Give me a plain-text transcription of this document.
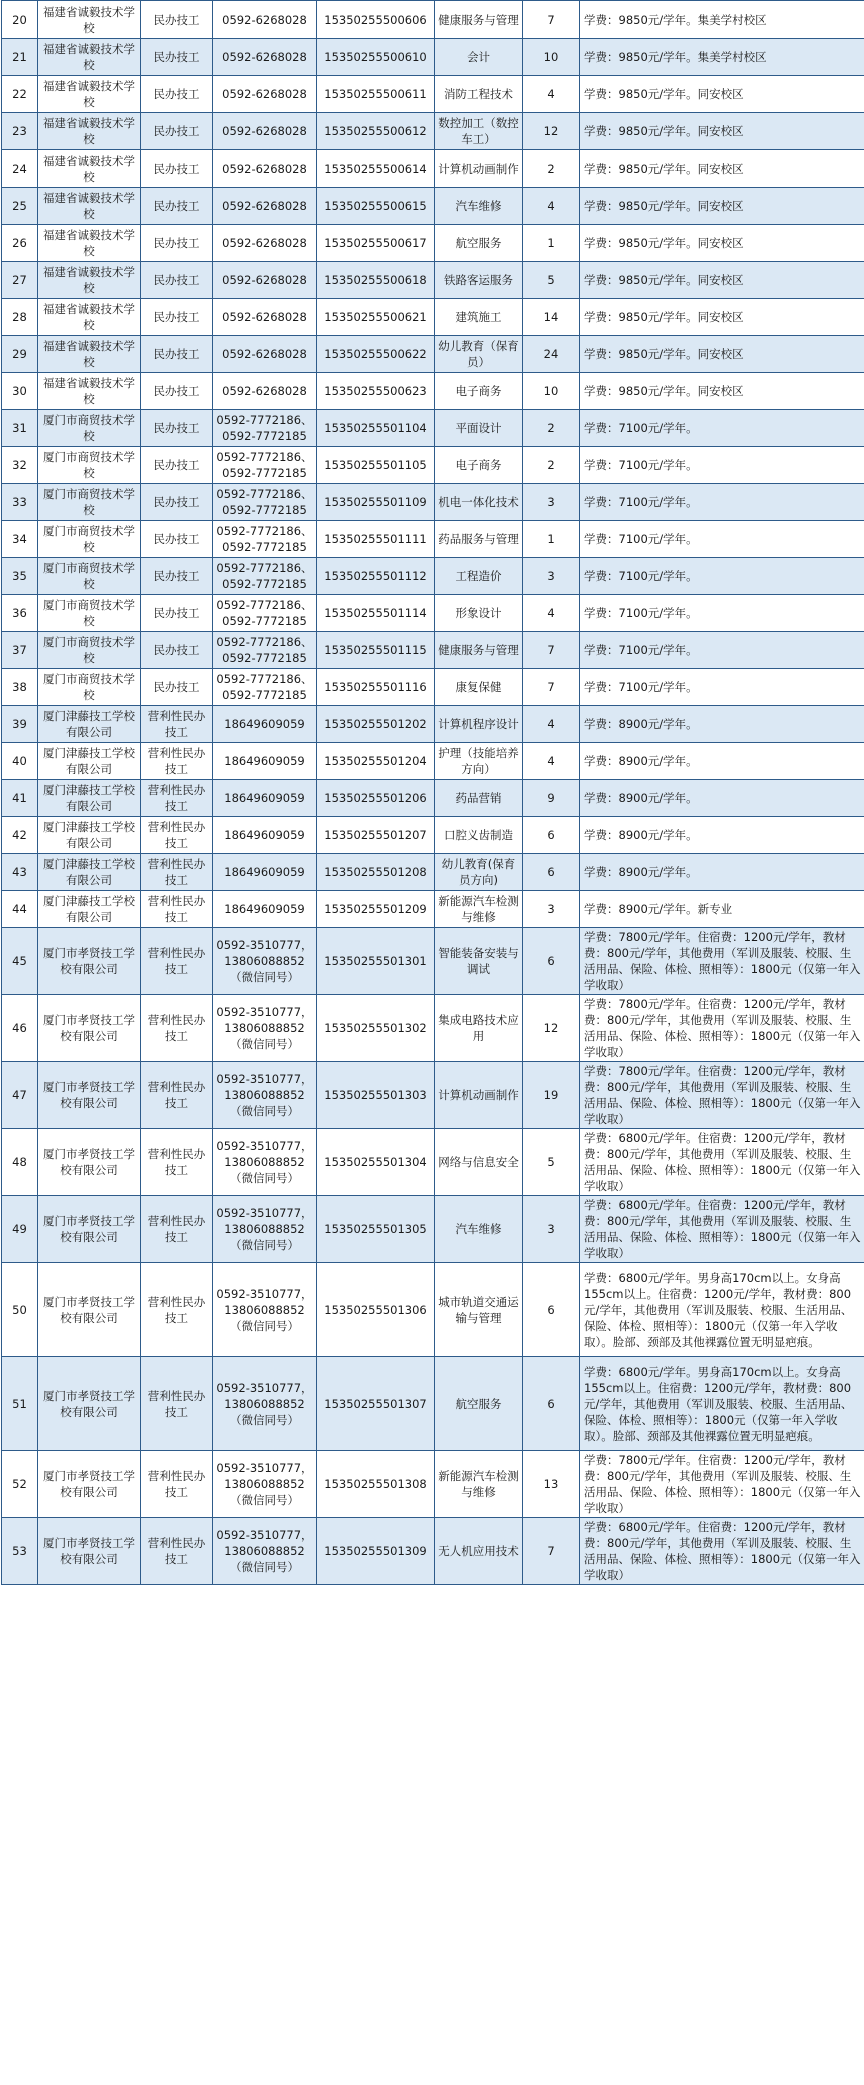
20	福建省诚毅技术学校	民办技工	0592-6268028	15350255500606	健康服务与管理	7	学费：9850元/学年。集美学村校区
21	福建省诚毅技术学校	民办技工	0592-6268028	15350255500610	会计	10	学费：9850元/学年。集美学村校区
22	福建省诚毅技术学校	民办技工	0592-6268028	15350255500611	消防工程技术	4	学费：9850元/学年。同安校区
23	福建省诚毅技术学校	民办技工	0592-6268028	15350255500612	数控加工（数控车工）	12	学费：9850元/学年。同安校区
24	福建省诚毅技术学校	民办技工	0592-6268028	15350255500614	计算机动画制作	2	学费：9850元/学年。同安校区
25	福建省诚毅技术学校	民办技工	0592-6268028	15350255500615	汽车维修	4	学费：9850元/学年。同安校区
26	福建省诚毅技术学校	民办技工	0592-6268028	15350255500617	航空服务	1	学费：9850元/学年。同安校区
27	福建省诚毅技术学校	民办技工	0592-6268028	15350255500618	铁路客运服务	5	学费：9850元/学年。同安校区
28	福建省诚毅技术学校	民办技工	0592-6268028	15350255500621	建筑施工	14	学费：9850元/学年。同安校区
29	福建省诚毅技术学校	民办技工	0592-6268028	15350255500622	幼儿教育（保育员）	24	学费：9850元/学年。同安校区
30	福建省诚毅技术学校	民办技工	0592-6268028	15350255500623	电子商务	10	学费：9850元/学年。同安校区
31	厦门市商贸技术学校	民办技工	0592-7772186、0592-7772185	15350255501104	平面设计	2	学费：7100元/学年。
32	厦门市商贸技术学校	民办技工	0592-7772186、0592-7772185	15350255501105	电子商务	2	学费：7100元/学年。
33	厦门市商贸技术学校	民办技工	0592-7772186、0592-7772185	15350255501109	机电一体化技术	3	学费：7100元/学年。
34	厦门市商贸技术学校	民办技工	0592-7772186、0592-7772185	15350255501111	药品服务与管理	1	学费：7100元/学年。
35	厦门市商贸技术学校	民办技工	0592-7772186、0592-7772185	15350255501112	工程造价	3	学费：7100元/学年。
36	厦门市商贸技术学校	民办技工	0592-7772186、0592-7772185	15350255501114	形象设计	4	学费：7100元/学年。
37	厦门市商贸技术学校	民办技工	0592-7772186、0592-7772185	15350255501115	健康服务与管理	7	学费：7100元/学年。
38	厦门市商贸技术学校	民办技工	0592-7772186、0592-7772185	15350255501116	康复保健	7	学费：7100元/学年。
39	厦门津藤技工学校有限公司	营利性民办技工	18649609059	15350255501202	计算机程序设计	4	学费：8900元/学年。
40	厦门津藤技工学校有限公司	营利性民办技工	18649609059	15350255501204	护理（技能培养方向）	4	学费：8900元/学年。
41	厦门津藤技工学校有限公司	营利性民办技工	18649609059	15350255501206	药品营销	9	学费：8900元/学年。
42	厦门津藤技工学校有限公司	营利性民办技工	18649609059	15350255501207	口腔义齿制造	6	学费：8900元/学年。
43	厦门津藤技工学校有限公司	营利性民办技工	18649609059	15350255501208	幼儿教育(保育员方向)	6	学费：8900元/学年。
44	厦门津藤技工学校有限公司	营利性民办技工	18649609059	15350255501209	新能源汽车检测与维修	3	学费：8900元/学年。新专业
45	厦门市孝贤技工学校有限公司	营利性民办技工	0592-3510777，13806088852（微信同号）	15350255501301	智能装备安装与调试	6	学费：7800元/学年。住宿费：1200元/学年，教材费：800元/学年，其他费用（军训及服装、校服、生活用品、保险、体检、照相等）：1800元（仅第一年入学收取）
46	厦门市孝贤技工学校有限公司	营利性民办技工	0592-3510777，13806088852（微信同号）	15350255501302	集成电路技术应用	12	学费：7800元/学年。住宿费：1200元/学年，教材费：800元/学年，其他费用（军训及服装、校服、生活用品、保险、体检、照相等）：1800元（仅第一年入学收取）
47	厦门市孝贤技工学校有限公司	营利性民办技工	0592-3510777，13806088852（微信同号）	15350255501303	计算机动画制作	19	学费：7800元/学年。住宿费：1200元/学年，教材费：800元/学年，其他费用（军训及服装、校服、生活用品、保险、体检、照相等）：1800元（仅第一年入学收取）
48	厦门市孝贤技工学校有限公司	营利性民办技工	0592-3510777，13806088852（微信同号）	15350255501304	网络与信息安全	5	学费：6800元/学年。住宿费：1200元/学年，教材费：800元/学年，其他费用（军训及服装、校服、生活用品、保险、体检、照相等）：1800元（仅第一年入学收取）
49	厦门市孝贤技工学校有限公司	营利性民办技工	0592-3510777，13806088852（微信同号）	15350255501305	汽车维修	3	学费：6800元/学年。住宿费：1200元/学年，教材费：800元/学年，其他费用（军训及服装、校服、生活用品、保险、体检、照相等）：1800元（仅第一年入学收取）
50	厦门市孝贤技工学校有限公司	营利性民办技工	0592-3510777，13806088852（微信同号）	15350255501306	城市轨道交通运输与管理	6	学费：6800元/学年。男身高170cm以上。女身高155cm以上。住宿费：1200元/学年，教材费：800元/学年，其他费用（军训及服装、校服、生活用品、保险、体检、照相等）：1800元（仅第一年入学收取）。脸部、颈部及其他裸露位置无明显疤痕。
51	厦门市孝贤技工学校有限公司	营利性民办技工	0592-3510777，13806088852（微信同号）	15350255501307	航空服务	6	学费：6800元/学年。男身高170cm以上。女身高155cm以上。住宿费：1200元/学年，教材费：800元/学年，其他费用（军训及服装、校服、生活用品、保险、体检、照相等）：1800元（仅第一年入学收取）。脸部、颈部及其他裸露位置无明显疤痕。
52	厦门市孝贤技工学校有限公司	营利性民办技工	0592-3510777，13806088852（微信同号）	15350255501308	新能源汽车检测与维修	13	学费：7800元/学年。住宿费：1200元/学年，教材费：800元/学年，其他费用（军训及服装、校服、生活用品、保险、体检、照相等）：1800元（仅第一年入学收取）
53	厦门市孝贤技工学校有限公司	营利性民办技工	0592-3510777，13806088852（微信同号）	15350255501309	无人机应用技术	7	学费：6800元/学年。住宿费：1200元/学年，教材费：800元/学年，其他费用（军训及服装、校服、生活用品、保险、体检、照相等）：1800元（仅第一年入学收取）
